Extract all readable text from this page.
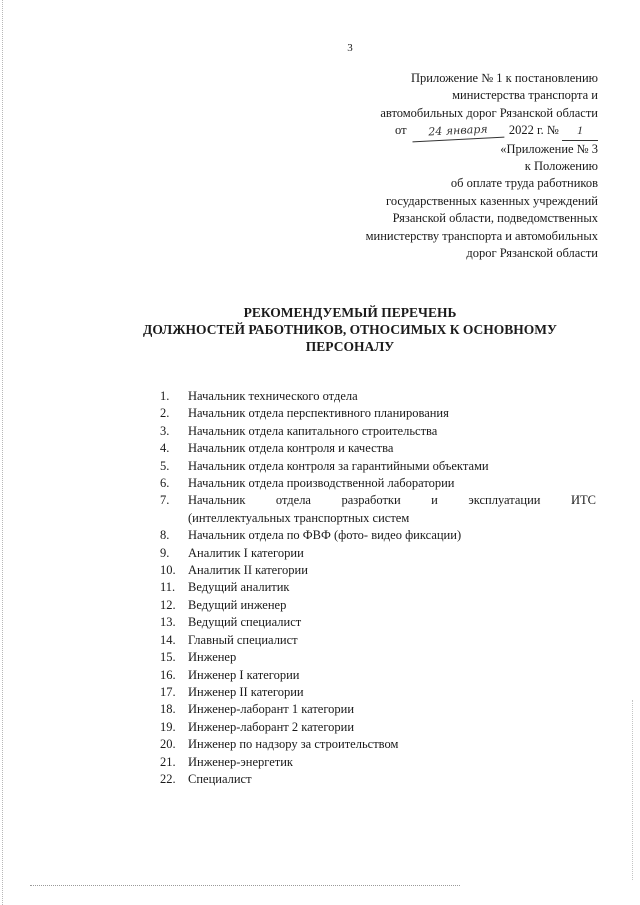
3
Приложение № 1 к постановлению
министерства транспорта и
автомобильных дорог Рязанской области
от 24 января 2022 г. № 1
«Приложение № 3
к Положению
об оплате труда работников
государственных казенных учреждений
Рязанской области, подведомственных
министерству транспорта и автомобильных
дорог Рязанской области
РЕКОМЕНДУЕМЫЙ ПЕРЕЧЕНЬ
ДОЛЖНОСТЕЙ РАБОТНИКОВ, ОТНОСИМЫХ К ОСНОВНОМУ
ПЕРСОНАЛУ
1.	Начальник технического отдела
2.	Начальник отдела перспективного планирования
3.	Начальник отдела капитального строительства
4.	Начальник отдела контроля и качества
5.	Начальник отдела контроля за гарантийными объектами
6.	Начальник отдела производственной лаборатории
7.	Начальник отдела разработки и эксплуатации ИТС
(интеллектуальных транспортных систем
8.	Начальник отдела по ФВФ (фото- видео фиксации)
9.	Аналитик I категории
10. Аналитик II категории
11.	Ведущий аналитик
12. Ведущий инженер
13. Ведущий специалист
14. Главный специалист
15. Инженер
16. Инженер I категории
17. Инженер II категории
18. Инженер-лаборант 1 категории
19. Инженер-лаборант 2 категории
20. Инженер по надзору за строительством
21. Инженер-энергетик
22. Специалист
